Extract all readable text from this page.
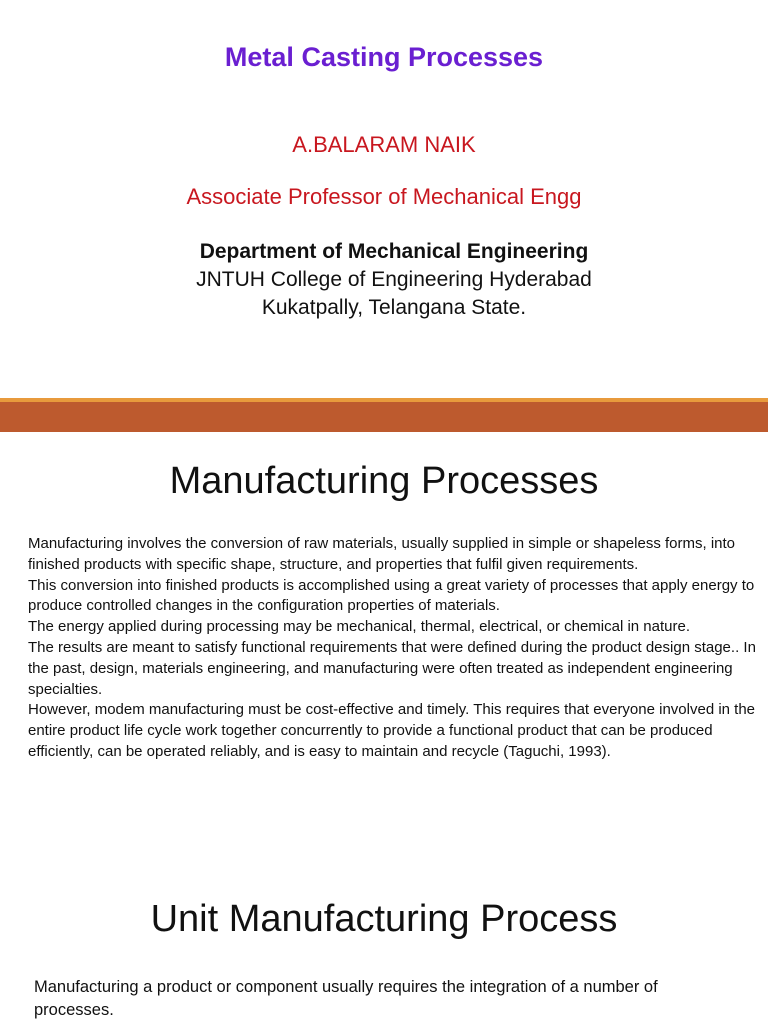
Metal Casting Processes
A.BALARAM NAIK
Associate Professor of Mechanical Engg
Department of Mechanical Engineering
JNTUH College of Engineering Hyderabad
Kukatpally, Telangana State.
Manufacturing Processes

Manufacturing involves the conversion of raw materials, usually supplied in simple or shapeless forms, into finished products with specific shape, structure, and properties that fulfil given requirements.

This conversion into finished products is accomplished using a great variety of processes that apply energy to produce controlled changes in the configuration properties of materials.

The energy applied during processing may be mechanical, thermal, electrical, or chemical in nature.

The results are meant to satisfy functional requirements that were defined during the product design stage.. In the past, design, materials engineering, and manufacturing were often treated as independent engineering specialties.

However, modem manufacturing must be cost-effective and timely. This requires that everyone involved in the entire product life cycle work together concurrently to provide a functional product that can be produced efficiently, can be operated reliably, and is easy to maintain and recycle (Taguchi, 1993).

Unit Manufacturing Process
Manufacturing a product or component usually requires the integration of a number of processes.
